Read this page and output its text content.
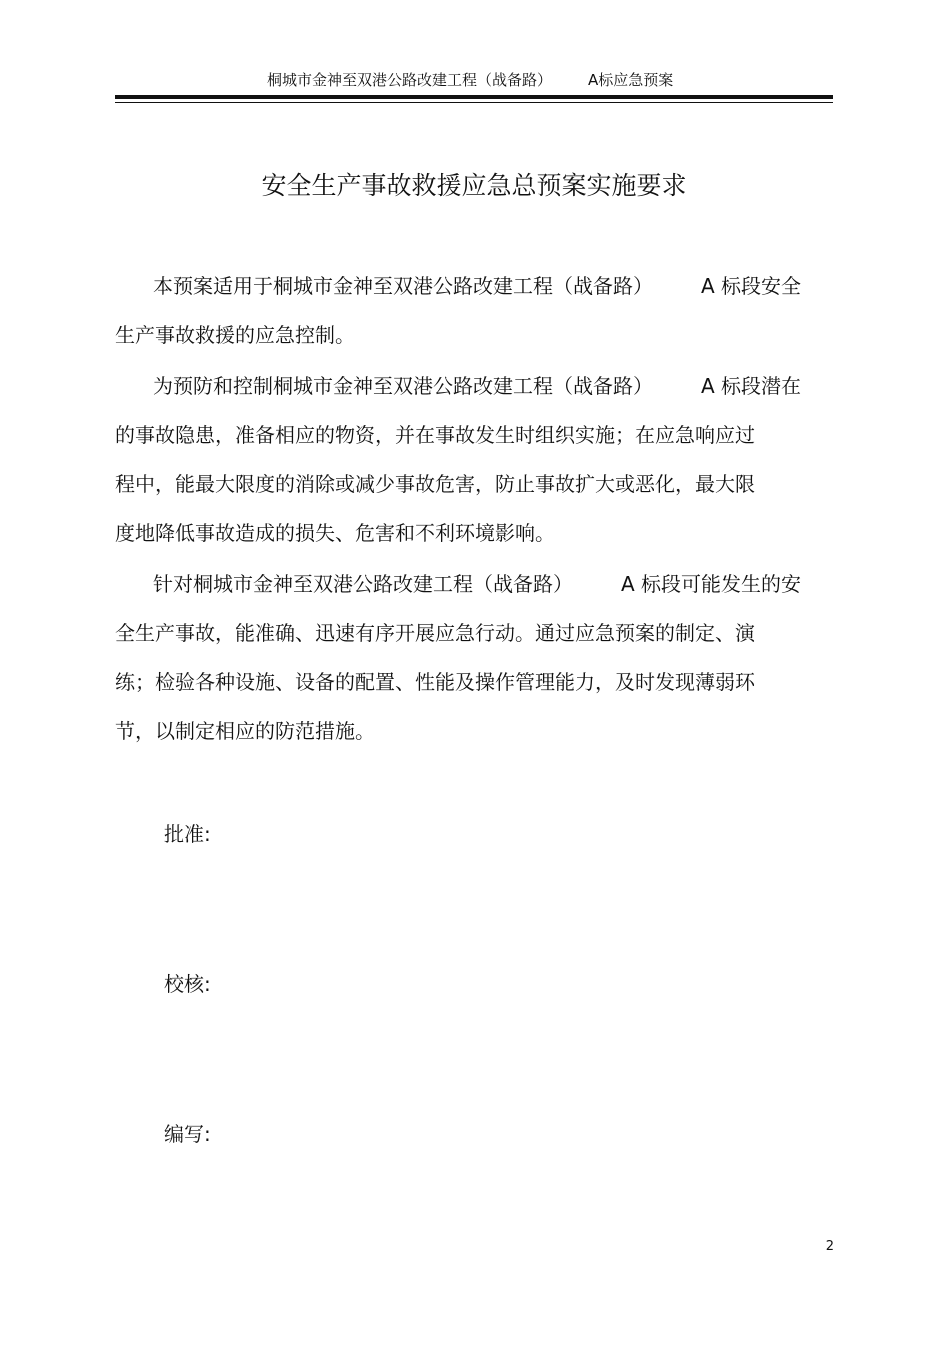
桐城市金神至双港公路改建工程（战备路） A标应急预案
安全生产事故救援应急总预案实施要求
本预案适用于桐城市金神至双港公路改建工程（战备路） A 标段安全
生产事故救援的应急控制。
为预防和控制桐城市金神至双港公路改建工程（战备路） A 标段潜在
的事故隐患，准备相应的物资，并在事故发生时组织实施；在应急响应过
程中，能最大限度的消除或减少事故危害，防止事故扩大或恶化，最大限
度地降低事故造成的损失、危害和不利环境影响。
针对桐城市金神至双港公路改建工程（战备路） A 标段可能发生的安
全生产事故，能准确、迅速有序开展应急行动。通过应急预案的制定、演
练；检验各种设施、设备的配置、性能及操作管理能力，及时发现薄弱环
节，以制定相应的防范措施。
批准:
校核:
编写:
2
